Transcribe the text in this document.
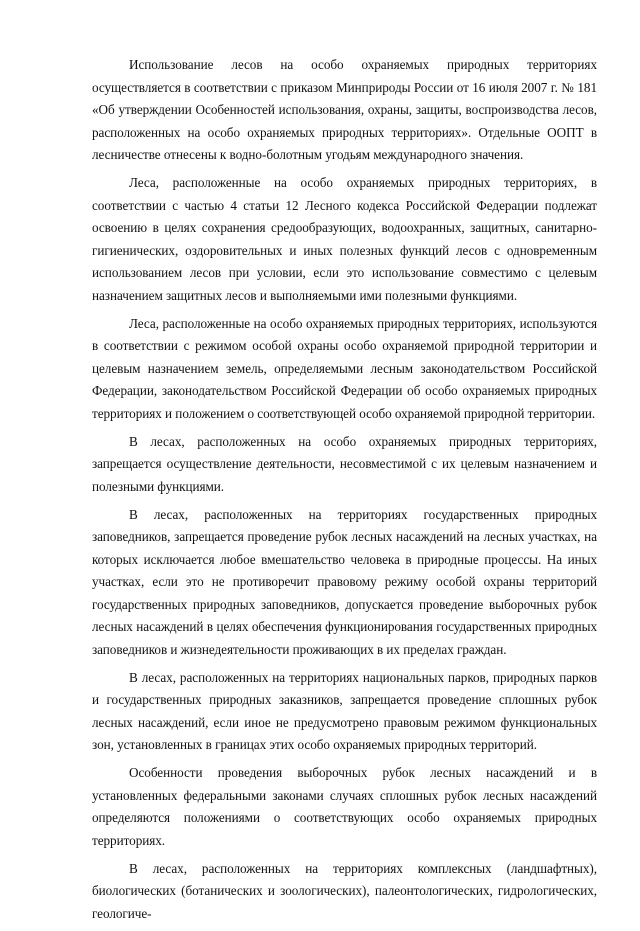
Использование лесов на особо охраняемых природных территориях осуществляется в соответствии с приказом Минприроды России от 16 июля 2007 г. № 181 «Об утверждении Особенностей использования, охраны, защиты, воспроизводства лесов, расположенных на особо охраняемых природных территориях». Отдельные ООПТ в лесничестве отнесены к водно-болотным угодьям международного значения.

Леса, расположенные на особо охраняемых природных территориях, в соответствии с частью 4 статьи 12 Лесного кодекса Российской Федерации подлежат освоению в целях сохранения средообразующих, водоохранных, защитных, санитарно-гигиенических, оздоровительных и иных полезных функций лесов с одновременным использованием лесов при условии, если это использование совместимо с целевым назначением защитных лесов и выполняемыми ими полезными функциями.

Леса, расположенные на особо охраняемых природных территориях, используются в соответствии с режимом особой охраны особо охраняемой природной территории и целевым назначением земель, определяемыми лесным законодательством Российской Федерации, законодательством Российской Федерации об особо охраняемых природных территориях и положением о соответствующей особо охраняемой природной территории.

В лесах, расположенных на особо охраняемых природных территориях, запрещается осуществление деятельности, несовместимой с их целевым назначением и полезными функциями.

В лесах, расположенных на территориях государственных природных заповедников, запрещается проведение рубок лесных насаждений на лесных участках, на которых исключается любое вмешательство человека в природные процессы. На иных участках, если это не противоречит правовому режиму особой охраны территорий государственных природных заповедников, допускается проведение выборочных рубок лесных насаждений в целях обеспечения функционирования государственных природных заповедников и жизнедеятельности проживающих в их пределах граждан.

В лесах, расположенных на территориях национальных парков, природных парков и государственных природных заказников, запрещается проведение сплошных рубок лесных насаждений, если иное не предусмотрено правовым режимом функциональных зон, установленных в границах этих особо охраняемых природных территорий.

Особенности проведения выборочных рубок лесных насаждений и в установленных федеральными законами случаях сплошных рубок лесных насаждений определяются положениями о соответствующих особо охраняемых природных территориях.

В лесах, расположенных на территориях комплексных (ландшафтных), биологических (ботанических и зоологических), палеонтологических, гидрологических, геологиче-
